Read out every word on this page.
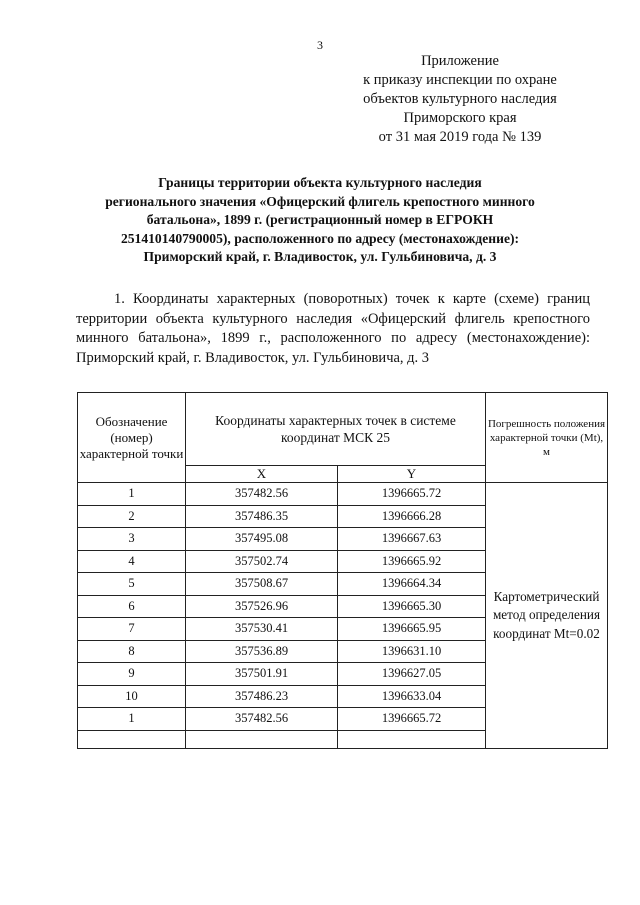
3
Приложение
к приказу инспекции по охране
объектов культурного наследия
Приморского края
от 31 мая 2019 года № 139
Границы территории объекта культурного наследия
регионального значения «Офицерский флигель крепостного минного
батальона», 1899 г. (регистрационный номер в ЕГРОКН
251410140790005), расположенного по адресу (местонахождение):
Приморский край, г. Владивосток, ул. Гульбиновича, д. 3
1. Координаты характерных (поворотных) точек к карте (схеме) границ территории объекта культурного наследия «Офицерский флигель крепостного минного батальона», 1899 г., расположенного по адресу (местонахождение): Приморский край, г. Владивосток, ул. Гульбиновича, д. 3
Обозначение (номер) характерной точки	Координаты характерных точек в системе координат МСК 25		Погрешность положения характерной точки (Mt), м
	X	Y	
1	357482.56	1396665.72	Картометрический метод определения координат Mt=0.02
2	357486.35	1396666.28	
3	357495.08	1396667.63	
4	357502.74	1396665.92	
5	357508.67	1396664.34	
6	357526.96	1396665.30	
7	357530.41	1396665.95	
8	357536.89	1396631.10	
9	357501.91	1396627.05	
10	357486.23	1396633.04	
1	357482.56	1396665.72	
